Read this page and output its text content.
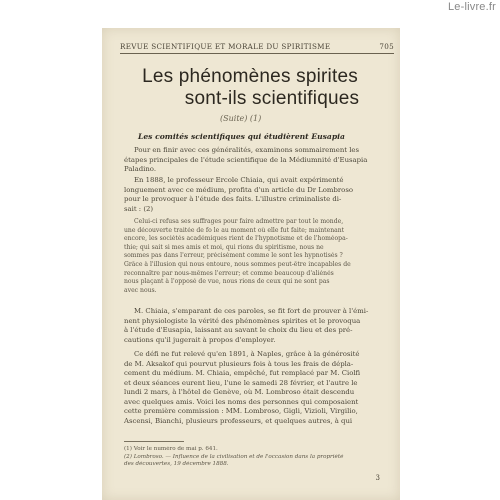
Le-livre.fr
REVUE SCIENTIFIQUE ET MORALE DU SPIRITISME	705
Les phénomènes spirites
sont-ils scientifiques
(Suite) (1)
Les comités scientifiques qui étudièrent Eusapia
Pour en finir avec ces généralités, examinons sommairement les
étapes principales de l'étude scientifique de la Médiumnité d'Eusapia
Paladino.
En 1888, le professeur Ercole Chiaia, qui avait expérimenté
longuement avec ce médium, profita d'un article du Dr Lombroso
pour le provoquer à l'étude des faits. L'illustre criminaliste di-
sait : (2)
Celui-ci refusa ses suffrages pour faire admettre par tout le monde,
une découverte traitée de fo le au moment où elle fut faite; maintenant
encore, les sociétés académiques rient de l'hypnotisme et de l'homéopa-
thie; qui sait si mes amis et moi, qui rions du spiritisme, nous ne
sommes pas dans l'erreur, précisément comme le sont les hypnotisés ?
Grâce à l'illusion qui nous entoure, nous sommes peut-être incapables de
reconnaître par nous-mêmes l'erreur; et comme beaucoup d'aliénés
nous plaçant à l'opposé de vue, nous rions de ceux qui ne sont pas
avec nous.
M. Chiaia, s'emparant de ces paroles, se fit fort de prouver à l'émi-
nent physiologiste la vérité des phénomènes spirites et le provoqua
à l'étude d'Eusapia, laissant au savant le choix du lieu et des pré-
cautions qu'il jugerait à propos d'employer.
Ce défi ne fut relevé qu'en 1891, à Naples, grâce à la générosité
de M. Aksakof qui pourvut plusieurs fois à tous les frais de dépla-
cement du médium. M. Chiaia, empêché, fut remplacé par M. Ciolfi
et deux séances eurent lieu, l'une le samedi 28 février, et l'autre le
lundi 2 mars, à l'hôtel de Genève, où M. Lombroso était descendu
avec quelques amis. Voici les noms des personnes qui composaient
cette première commission : MM. Lombroso, Gigli, Vizioli, Virgilio,
Ascensi, Bianchi, plusieurs professeurs, et quelques autres, à qui
(1) Voir le numéro de mai p. 641.
(2) Lombroso. — Influence de la civilisation et de l'occasion dans la propriété
des découvertes, 19 décembre 1888.
3
